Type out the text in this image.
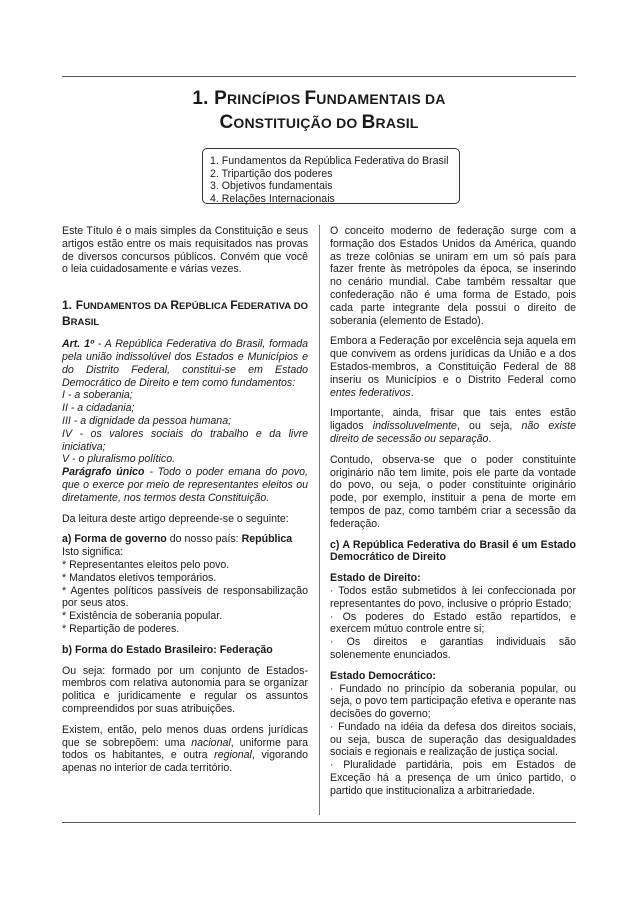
1. PRINCÍPIOS FUNDAMENTAIS DA
CONSTITUIÇÃO DO BRASIL
1. Fundamentos da República Federativa do Brasil
2. Tripartição dos poderes
3. Objetivos fundamentais
4. Relações Internacionais

Este Título é o mais simples da Constituição e seus artigos estão entre os mais requisitados nas provas de diversos concursos públicos. Convém que você o leia cuidadosamente e várias vezes.

1. FUNDAMENTOS DA REPÚBLICA FEDERATIVA DO BRASIL

Art. 1º - A República Federativa do Brasil, formada pela união indissolúvel dos Estados e Municípios e do Distrito Federal, constitui-se em Estado Democrático de Direito e tem como fundamentos:

I - a soberania;

II - a cidadania;

III - a dignidade da pessoa humana;

IV - os valores sociais do trabalho e da livre iniciativa;

V - o pluralismo político.

Parágrafo único - Todo o poder emana do povo, que o exerce por meio de representantes eleitos ou diretamente, nos termos desta Constituição.

Da leitura deste artigo depreende-se o seguinte:

a) Forma de governo do nosso país: República

Isto significa:

* Representantes eleitos pelo povo.

* Mandatos eletivos temporários.

* Agentes políticos passíveis de responsabilização por seus atos.

* Existência de soberania popular.

* Repartição de poderes.

b) Forma do Estado Brasileiro: Federação

Ou seja: formado por um conjunto de Estados-membros com relativa autonomia para se organizar politica e juridicamente e regular os assuntos compreendidos por suas atribuições.

Existem, então, pelo menos duas ordens jurídicas que se sobrepõem: uma nacional, uniforme para todos os habitantes, e outra regional, vigorando apenas no interior de cada território.

O conceito moderno de federação surge com a formação dos Estados Unidos da América, quando as treze colônias se uniram em um só país para fazer frente às metrópoles da época, se inserindo no cenário mundial. Cabe também ressaltar que confederação não é uma forma de Estado, pois cada parte integrante dela possui o direito de soberania (elemento de Estado).

Embora a Federação por excelência seja aquela em que convivem as ordens jurídicas da União e a dos Estados-membros, a Constituição Federal de 88 inseriu os Municípios e o Distrito Federal como entes federativos.

Importante, ainda, frisar que tais entes estão ligados indissoluvelmente, ou seja, não existe direito de secessão ou separação.

Contudo, observa-se que o poder constituinte originário não tem limite, pois ele parte da vontade do povo, ou seja, o poder constituinte originário pode, por exemplo, instituir a pena de morte em tempos de paz, como também criar a secessão da federação.

c) A República Federativa do Brasil é um Estado Democrático de Direito

Estado de Direito:

· Todos estão submetidos à lei confeccionada por representantes do povo, inclusive o próprio Estado;

· Os poderes do Estado estão repartidos, e exercem mútuo controle entre si;

· Os direitos e garantias individuais são solenemente enunciados.

Estado Democrático:

· Fundado no princípio da soberania popular, ou seja, o povo tem participação efetiva e operante nas decisões do governo;

· Fundado na idéia da defesa dos direitos sociais, ou seja, busca de superação das desigualdades sociais e regionais e realização de justiça social.

· Pluralidade partidária, pois em Estados de Exceção há a presença de um único partido, o partido que institucionaliza a arbitrariedade.
